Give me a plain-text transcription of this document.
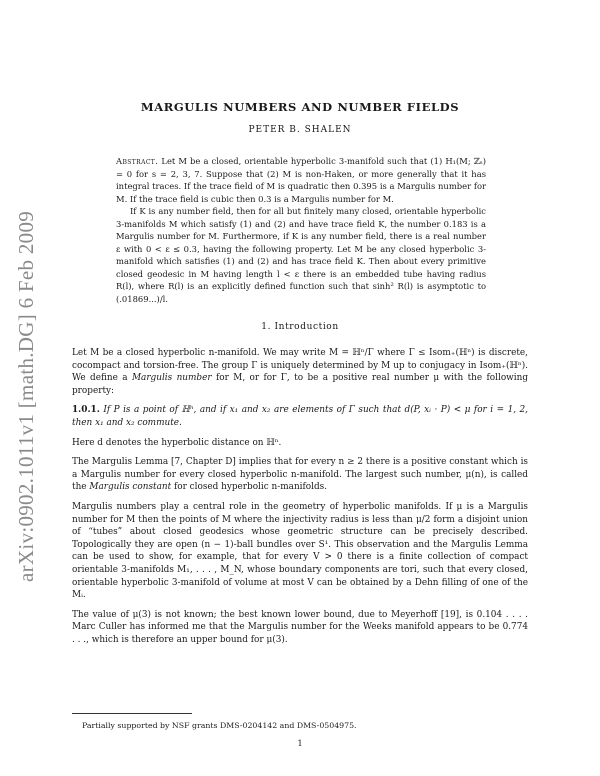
arXiv:0902.1011v1 [math.DG] 6 Feb 2009
MARGULIS NUMBERS AND NUMBER FIELDS
PETER B. SHALEN

Abstract. Let M be a closed, orientable hyperbolic 3-manifold such that (1) H₁(M; ℤₛ) = 0 for s = 2, 3, 7. Suppose that (2) M is non-Haken, or more generally that it has integral traces. If the trace field of M is quadratic then 0.395 is a Margulis number for M. If the trace field is cubic then 0.3 is a Margulis number for M.

If K is any number field, then for all but finitely many closed, orientable hyperbolic 3-manifolds M which satisfy (1) and (2) and have trace field K, the number 0.183 is a Margulis number for M. Furthermore, if K is any number field, there is a real number ε with 0 < ε ≤ 0.3, having the following property. Let M be any closed hyperbolic 3-manifold which satisfies (1) and (2) and has trace field K. Then about every primitive closed geodesic in M having length l < ε there is an embedded tube having radius R(l), where R(l) is an explicitly defined function such that sinh² R(l) is asymptotic to (.01869...)/l.

1. Introduction

Let M be a closed hyperbolic n-manifold. We may write M = ℍⁿ/Γ where Γ ≤ Isom₊(ℍⁿ) is discrete, cocompact and torsion-free. The group Γ is uniquely determined by M up to conjugacy in Isom₊(ℍⁿ). We define a Margulis number for M, or for Γ, to be a positive real number μ with the following property:

1.0.1. If P is a point of ℍⁿ, and if x₁ and x₂ are elements of Γ such that d(P, xᵢ · P) < μ for i = 1, 2, then x₁ and x₂ commute.

Here d denotes the hyperbolic distance on ℍⁿ.

The Margulis Lemma [7, Chapter D] implies that for every n ≥ 2 there is a positive constant which is a Margulis number for every closed hyperbolic n-manifold. The largest such number, μ(n), is called the Margulis constant for closed hyperbolic n-manifolds.

Margulis numbers play a central role in the geometry of hyperbolic manifolds. If μ is a Margulis number for M then the points of M where the injectivity radius is less than μ/2 form a disjoint union of “tubes” about closed geodesics whose geometric structure can be precisely described. Topologically they are open (n − 1)-ball bundles over S¹. This observation and the Margulis Lemma can be used to show, for example, that for every V > 0 there is a finite collection of compact orientable 3-manifolds M₁, . . . , M_N, whose boundary components are tori, such that every closed, orientable hyperbolic 3-manifold of volume at most V can be obtained by a Dehn filling of one of the Mᵢ.

The value of μ(3) is not known; the best known lower bound, due to Meyerhoff [19], is 0.104 . . . . Marc Culler has informed me that the Margulis number for the Weeks manifold appears to be 0.774 . . ., which is therefore an upper bound for μ(3).

Partially supported by NSF grants DMS-0204142 and DMS-0504975.
1
